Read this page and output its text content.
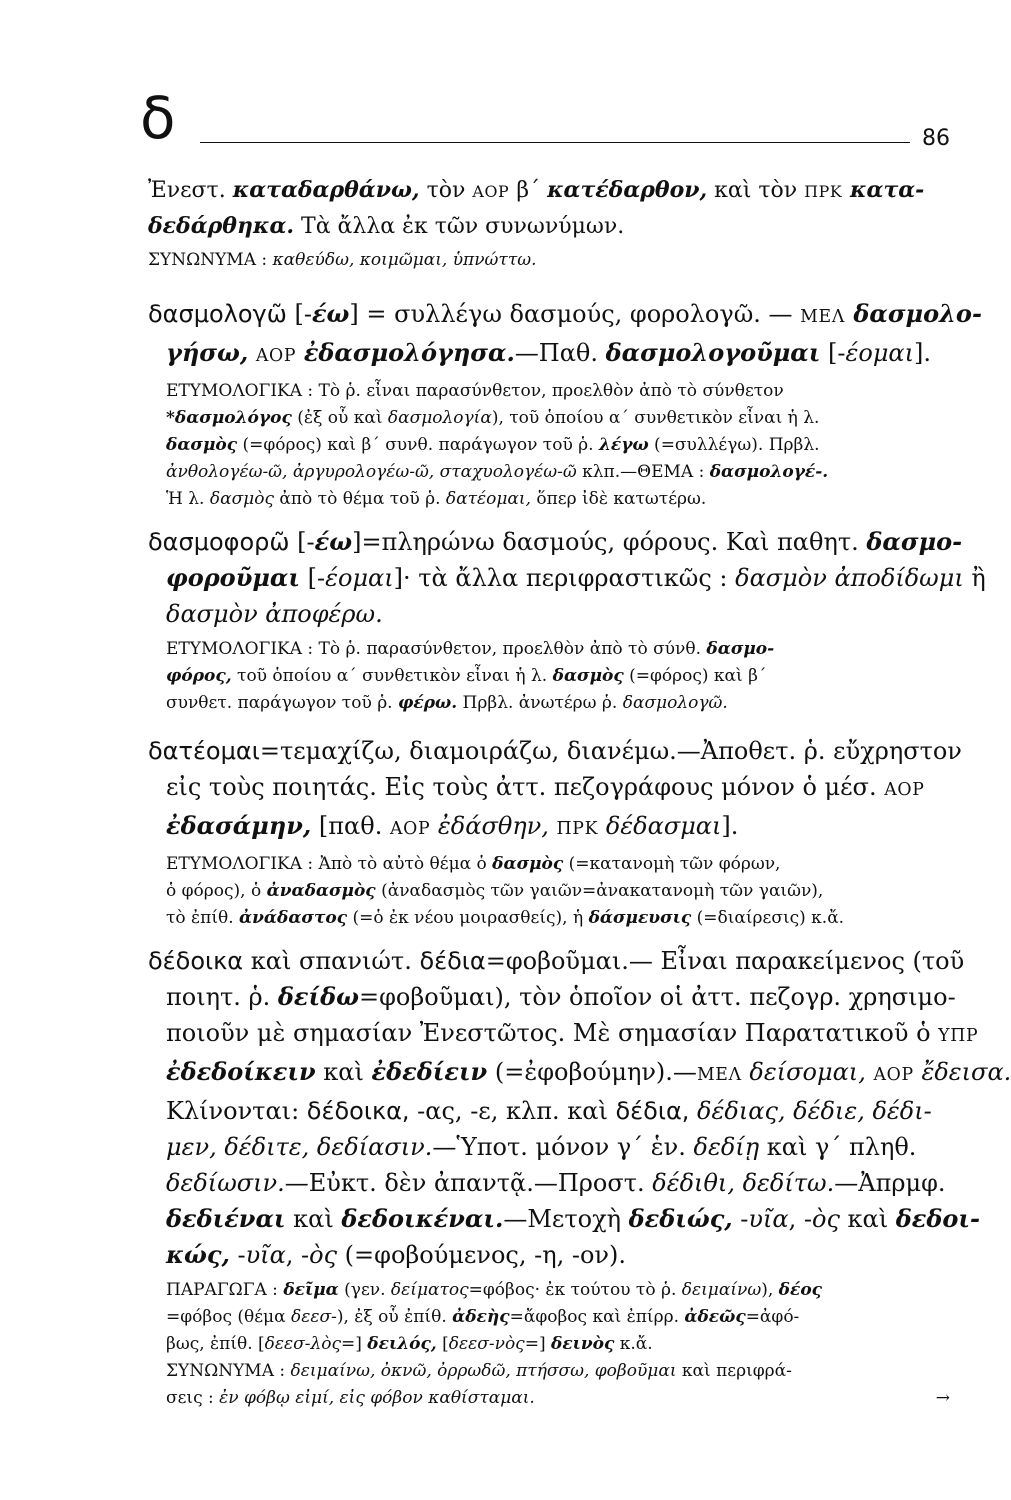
δ	86
Ἐνεστ. καταδαρθάνω, τὸν ΑΟΡ β΄ κατέδαρθον, καὶ τὸν ΠΡΚ κατα-
δεδάρθηκα. Τὰ ἄλλα ἐκ τῶν συνωνύμων.
ΣΥΝΩΝΥΜΑ : καθεύδω, κοιμῶμαι, ὑπνώττω.
δασμολογῶ [-έω] = συλλέγω δασμούς, φορολογῶ. — ΜΕΛ δασμολο-
γήσω, ΑΟΡ ἐδασμολόγησα.—Παθ. δασμολογοῦμαι [-έομαι].
ΕΤΥΜΟΛΟΓΙΚΑ : Τὸ ῥ. εἶναι παρασύνθετον, προελθὸν ἀπὸ τὸ σύνθετον
*δασμολόγος (ἐξ οὗ καὶ δασμολογία), τοῦ ὁποίου α΄ συνθετικὸν εἶναι ἡ λ.
δασμὸς (=φόρος) καὶ β΄ συνθ. παράγωγον τοῦ ῥ. λέγω (=συλλέγω). Πρβλ.
ἀνθολογέω-ῶ, ἀργυρολογέω-ῶ, σταχυολογέω-ῶ κλπ.—ΘΕΜΑ : δασμολογέ-.
Ἡ λ. δασμὸς ἀπὸ τὸ θέμα τοῦ ῥ. δατέομαι, ὅπερ ἰδὲ κατωτέρω.
δασμοφορῶ [-έω]=πληρώνω δασμούς, φόρους. Καὶ παθητ. δασμο-
φοροῦμαι [-έομαι]· τὰ ἄλλα περιφραστικῶς : δασμὸν ἀποδίδωμι ἢ
δασμὸν ἀποφέρω.
ΕΤΥΜΟΛΟΓΙΚΑ : Τὸ ῥ. παρασύνθετον, προελθὸν ἀπὸ τὸ σύνθ. δασμο-
φόρος, τοῦ ὁποίου α΄ συνθετικὸν εἶναι ἡ λ. δασμὸς (=φόρος) καὶ β΄
συνθετ. παράγωγον τοῦ ῥ. φέρω. Πρβλ. ἀνωτέρω ῥ. δασμολογῶ.
δατέομαι=τεμαχίζω, διαμοιράζω, διανέμω.—Ἀποθετ. ῥ. εὔχρηστον
εἰς τοὺς ποιητάς. Εἰς τοὺς ἀττ. πεζογράφους μόνον ὁ μέσ. ΑΟΡ
ἐδασάμην, [παθ. ΑΟΡ ἐδάσθην, ΠΡΚ δέδασμαι].
ΕΤΥΜΟΛΟΓΙΚΑ : Ἀπὸ τὸ αὐτὸ θέμα ὁ δασμὸς (=κατανομὴ τῶν φόρων,
ὁ φόρος), ὁ ἀναδασμὸς (ἀναδασμὸς τῶν γαιῶν=ἀνακατανομὴ τῶν γαιῶν),
τὸ ἐπίθ. ἀνάδαστος (=ὁ ἐκ νέου μοιρασθείς), ἡ δάσμευσις (=διαίρεσις) κ.ἄ.
δέδοικα καὶ σπανιώτ. δέδια=φοβοῦμαι.— Εἶναι παρακείμενος (τοῦ
ποιητ. ῥ. δείδω=φοβοῦμαι), τὸν ὁποῖον οἱ ἀττ. πεζογρ. χρησιμο-
ποιοῦν μὲ σημασίαν Ἐνεστῶτος. Μὲ σημασίαν Παρατατικοῦ ὁ ΥΠΡ
ἐδεδοίκειν καὶ ἐδεδίειν (=ἐφοβούμην).—ΜΕΛ δείσομαι, ΑΟΡ ἔδεισα.
Κλίνονται: δέδοικα, -ας, -ε, κλπ. καὶ δέδια, δέδιας, δέδιε, δέδι-
μεν, δέδιτε, δεδίασιν.—Ὑποτ. μόνον γ΄ ἑν. δεδίῃ καὶ γ΄ πληθ.
δεδίωσιν.—Εὐκτ. δὲν ἀπαντᾷ.—Προστ. δέδιθι, δεδίτω.—Ἀπρμφ.
δεδιέναι καὶ δεδοικέναι.—Μετοχὴ δεδιώς, -υῖα, -ὸς καὶ δεδοι-
κώς, -υῖα, -ὸς (=φοβούμενος, -η, -ον).
ΠΑΡΑΓΩΓΑ : δεῖμα (γεν. δείματος=φόβος· ἐκ τούτου τὸ ῥ. δειμαίνω), δέος
=φόβος (θέμα δεεσ-), ἐξ οὗ ἐπίθ. ἀδεὴς=ἄφοβος καὶ ἐπίρρ. ἀδεῶς=ἀφό-
βως, ἐπίθ. [δεεσ-λὸς=] δειλός, [δεεσ-νὸς=] δεινὸς κ.ἄ.
ΣΥΝΩΝΥΜΑ : δειμαίνω, ὀκνῶ, ὀρρωδῶ, πτήσσω, φοβοῦμαι καὶ περιφρά-
σεις : ἐν φόβῳ εἰμί, εἰς φόβον καθίσταμαι.	→
